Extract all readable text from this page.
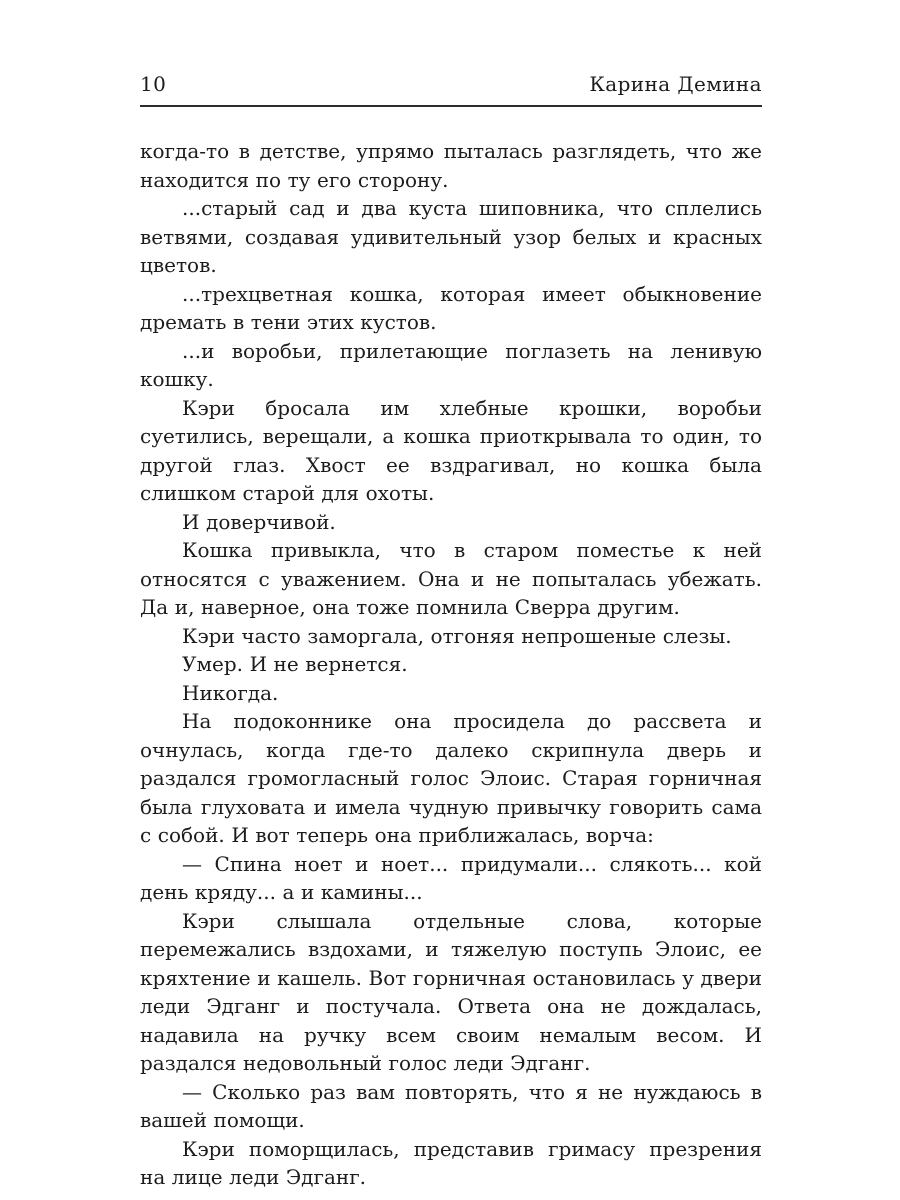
10	Карина Демина

когда-то в детстве, упрямо пыталась разглядеть, что же находится по ту его сторону.

...старый сад и два куста шиповника, что сплелись ветвями, создавая удивительный узор белых и красных цветов.

...трехцветная кошка, которая имеет обыкновение дремать в тени этих кустов.

...и воробьи, прилетающие поглазеть на ленивую кошку.

Кэри бросала им хлебные крошки, воробьи суетились, верещали, а кошка приоткрывала то один, то другой глаз. Хвост ее вздрагивал, но кошка была слишком старой для охоты.

И доверчивой.

Кошка привыкла, что в старом поместье к ней относятся с уважением. Она и не попыталась убежать. Да и, наверное, она тоже помнила Сверра другим.

Кэри часто заморгала, отгоняя непрошеные слезы.

Умер. И не вернется.

Никогда.

На подоконнике она просидела до рассвета и очнулась, когда где-то далеко скрипнула дверь и раздался громогласный голос Элоис. Старая горничная была глуховата и имела чудную привычку говорить сама с собой. И вот теперь она приближалась, ворча:

— Спина ноет и ноет... придумали... слякоть... кой день кряду... а и камины...

Кэри слышала отдельные слова, которые перемежались вздохами, и тяжелую поступь Элоис, ее кряхтение и кашель. Вот горничная остановилась у двери леди Эдганг и постучала. Ответа она не дождалась, надавила на ручку всем своим немалым весом. И раздался недовольный голос леди Эдганг.

— Сколько раз вам повторять, что я не нуждаюсь в вашей помощи.

Кэри поморщилась, представив гримасу презрения на лице леди Эдганг.
